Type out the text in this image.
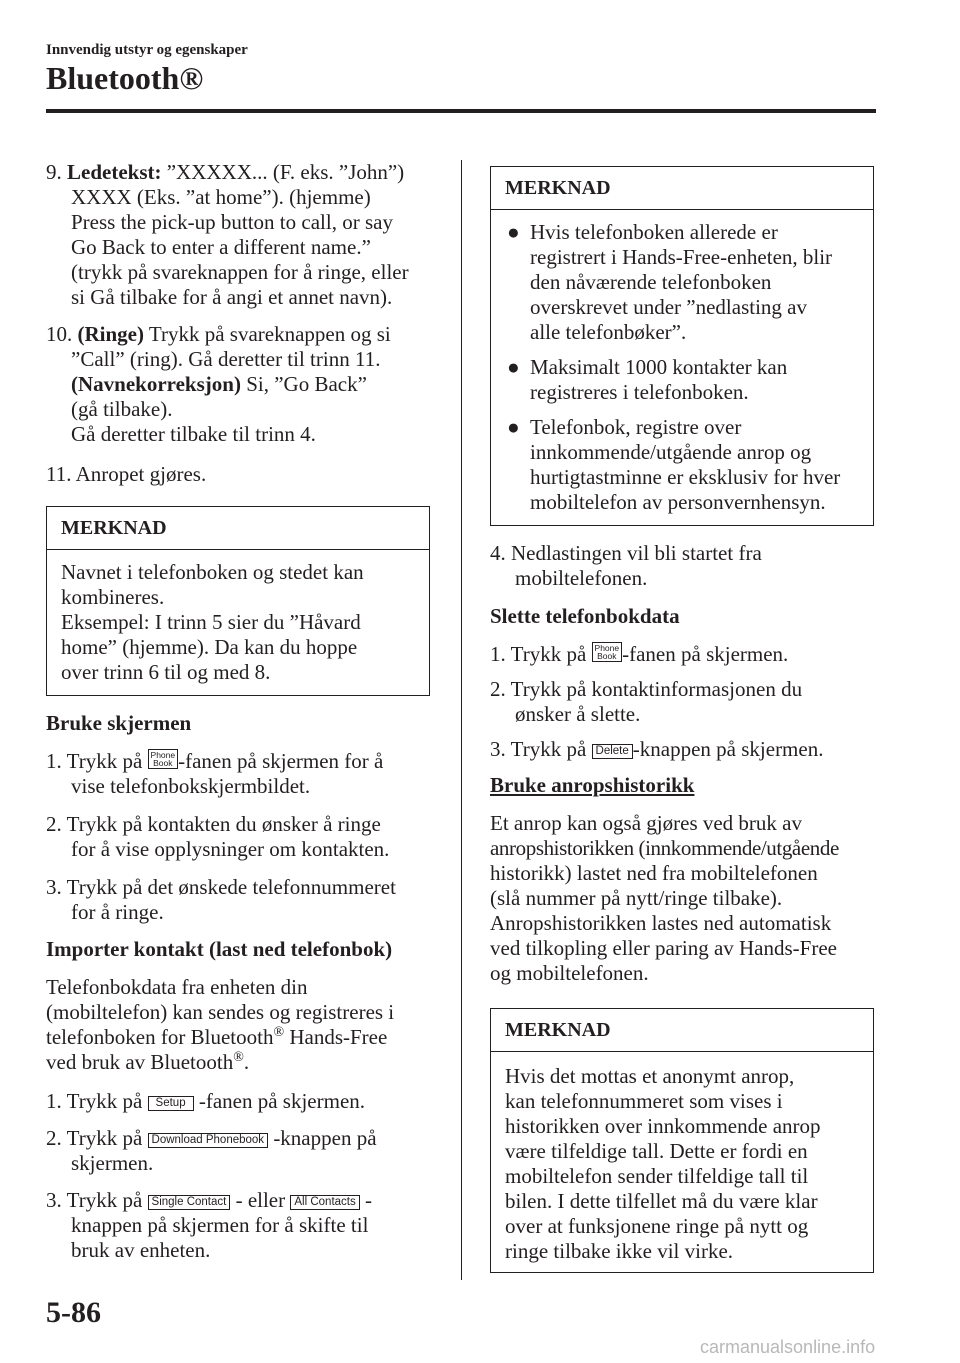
Innvendig utstyr og egenskaper
Bluetooth®

9. Ledetekst: ”XXXXX... (F. eks. ”John”)

XXXX (Eks. ”at home”). (hjemme)

Press the pick-up button to call, or say

Go Back to enter a different name.”

(trykk på svareknappen for å ringe, eller

si Gå tilbake for å angi et annet navn).

10. (Ringe) Trykk på svareknappen og si

”Call” (ring). Gå deretter til trinn 11.

(Navnekorreksjon) Si, ”Go Back”

(gå tilbake).

Gå deretter tilbake til trinn 4.

11. Anropet gjøres.

MERKNAD

Navnet i telefonboken og stedet kan

kombineres.

Eksempel: I trinn 5 sier du ”Håvard

home” (hjemme). Da kan du hoppe

over trinn 6 til og med 8.

Bruke skjermen

1. Trykk på Phone
Book -fanen på skjermen for å

vise telefonbokskjermbildet.

2. Trykk på kontakten du ønsker å ringe

for å vise opplysninger om kontakten.

3. Trykk på det ønskede telefonnummeret

for å ringe.

Importer kontakt (last ned telefonbok)

Telefonbokdata fra enheten din

(mobiltelefon) kan sendes og registreres i

telefonboken for Bluetooth® Hands-Free

ved bruk av Bluetooth®.

1. Trykk på Setup -fanen på skjermen.

2. Trykk på Download Phonebook -knappen på

skjermen.

3. Trykk på Single Contact - eller All Contacts -

knappen på skjermen for å skifte til

bruk av enheten.

MERKNAD
● Hvis telefonboken allerede er

registrert i Hands-Free-enheten, blir

den nåværende telefonboken

overskrevet under ”nedlasting av

alle telefonbøker”.

● Maksimalt 1000 kontakter kan

registreres i telefonboken.

● Telefonbok, registre over

innkommende/utgående anrop og

hurtigtastminne er eksklusiv for hver

mobiltelefon av personvernhensyn.

4. Nedlastingen vil bli startet fra

mobiltelefonen.

Slette telefonbokdata

1. Trykk på Phone
Book -fanen på skjermen.

2. Trykk på kontaktinformasjonen du

ønsker å slette.

3. Trykk på Delete -knappen på skjermen.

Bruke anropshistorikk

Et anrop kan også gjøres ved bruk av

anropshistorikken (innkommende/utgående

historikk) lastet ned fra mobiltelefonen

(slå nummer på nytt/ringe tilbake).

Anropshistorikken lastes ned automatisk

ved tilkopling eller paring av Hands-Free

og mobiltelefonen.

MERKNAD

Hvis det mottas et anonymt anrop,

kan telefonnummeret som vises i

historikken over innkommende anrop

være tilfeldige tall. Dette er fordi en

mobiltelefon sender tilfeldige tall til

bilen. I dette tilfellet må du være klar

over at funksjonene ringe på nytt og

ringe tilbake ikke vil virke.

5-86
carmanualsonline.info
